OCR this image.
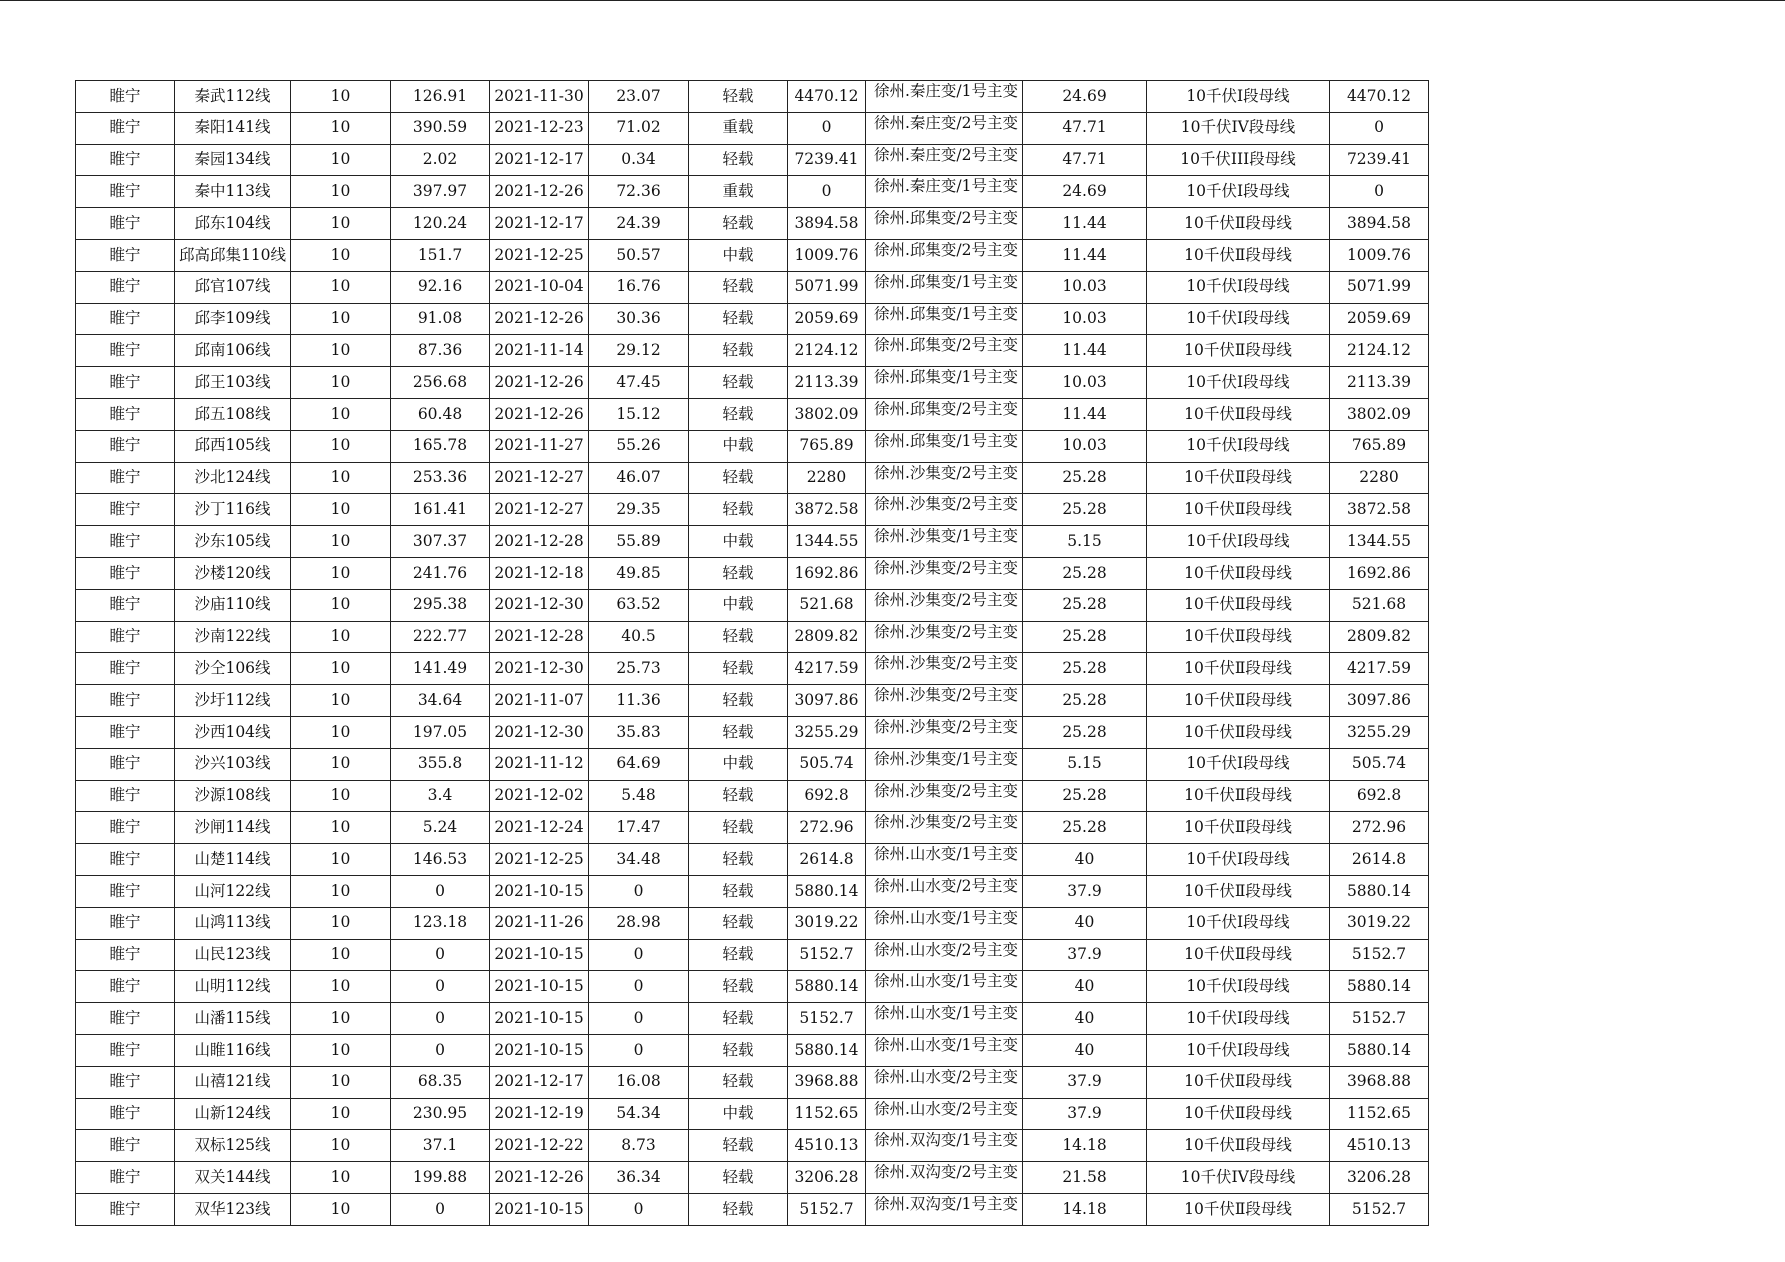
睢宁	秦武112线	10	126.91	2021-11-30	23.07	轻载	4470.12	徐州.秦庄变/1号主变	24.69	10千伏Ⅰ段母线	4470.12
睢宁	秦阳141线	10	390.59	2021-12-23	71.02	重载	0	徐州.秦庄变/2号主变	47.71	10千伏IV段母线	0
睢宁	秦园134线	10	2.02	2021-12-17	0.34	轻载	7239.41	徐州.秦庄变/2号主变	47.71	10千伏III段母线	7239.41
睢宁	秦中113线	10	397.97	2021-12-26	72.36	重载	0	徐州.秦庄变/1号主变	24.69	10千伏Ⅰ段母线	0
睢宁	邱东104线	10	120.24	2021-12-17	24.39	轻载	3894.58	徐州.邱集变/2号主变	11.44	10千伏Ⅱ段母线	3894.58
睢宁	邱高邱集110线	10	151.7	2021-12-25	50.57	中载	1009.76	徐州.邱集变/2号主变	11.44	10千伏Ⅱ段母线	1009.76
睢宁	邱官107线	10	92.16	2021-10-04	16.76	轻载	5071.99	徐州.邱集变/1号主变	10.03	10千伏Ⅰ段母线	5071.99
睢宁	邱李109线	10	91.08	2021-12-26	30.36	轻载	2059.69	徐州.邱集变/1号主变	10.03	10千伏Ⅰ段母线	2059.69
睢宁	邱南106线	10	87.36	2021-11-14	29.12	轻载	2124.12	徐州.邱集变/2号主变	11.44	10千伏Ⅱ段母线	2124.12
睢宁	邱王103线	10	256.68	2021-12-26	47.45	轻载	2113.39	徐州.邱集变/1号主变	10.03	10千伏Ⅰ段母线	2113.39
睢宁	邱五108线	10	60.48	2021-12-26	15.12	轻载	3802.09	徐州.邱集变/2号主变	11.44	10千伏Ⅱ段母线	3802.09
睢宁	邱西105线	10	165.78	2021-11-27	55.26	中载	765.89	徐州.邱集变/1号主变	10.03	10千伏Ⅰ段母线	765.89
睢宁	沙北124线	10	253.36	2021-12-27	46.07	轻载	2280	徐州.沙集变/2号主变	25.28	10千伏Ⅱ段母线	2280
睢宁	沙丁116线	10	161.41	2021-12-27	29.35	轻载	3872.58	徐州.沙集变/2号主变	25.28	10千伏Ⅱ段母线	3872.58
睢宁	沙东105线	10	307.37	2021-12-28	55.89	中载	1344.55	徐州.沙集变/1号主变	5.15	10千伏Ⅰ段母线	1344.55
睢宁	沙楼120线	10	241.76	2021-12-18	49.85	轻载	1692.86	徐州.沙集变/2号主变	25.28	10千伏Ⅱ段母线	1692.86
睢宁	沙庙110线	10	295.38	2021-12-30	63.52	中载	521.68	徐州.沙集变/2号主变	25.28	10千伏Ⅱ段母线	521.68
睢宁	沙南122线	10	222.77	2021-12-28	40.5	轻载	2809.82	徐州.沙集变/2号主变	25.28	10千伏Ⅱ段母线	2809.82
睢宁	沙仝106线	10	141.49	2021-12-30	25.73	轻载	4217.59	徐州.沙集变/2号主变	25.28	10千伏Ⅱ段母线	4217.59
睢宁	沙圩112线	10	34.64	2021-11-07	11.36	轻载	3097.86	徐州.沙集变/2号主变	25.28	10千伏Ⅱ段母线	3097.86
睢宁	沙西104线	10	197.05	2021-12-30	35.83	轻载	3255.29	徐州.沙集变/2号主变	25.28	10千伏Ⅱ段母线	3255.29
睢宁	沙兴103线	10	355.8	2021-11-12	64.69	中载	505.74	徐州.沙集变/1号主变	5.15	10千伏Ⅰ段母线	505.74
睢宁	沙源108线	10	3.4	2021-12-02	5.48	轻载	692.8	徐州.沙集变/2号主变	25.28	10千伏Ⅱ段母线	692.8
睢宁	沙闸114线	10	5.24	2021-12-24	17.47	轻载	272.96	徐州.沙集变/2号主变	25.28	10千伏Ⅱ段母线	272.96
睢宁	山楚114线	10	146.53	2021-12-25	34.48	轻载	2614.8	徐州.山水变/1号主变	40	10千伏Ⅰ段母线	2614.8
睢宁	山河122线	10	0	2021-10-15	0	轻载	5880.14	徐州.山水变/2号主变	37.9	10千伏Ⅱ段母线	5880.14
睢宁	山鸿113线	10	123.18	2021-11-26	28.98	轻载	3019.22	徐州.山水变/1号主变	40	10千伏Ⅰ段母线	3019.22
睢宁	山民123线	10	0	2021-10-15	0	轻载	5152.7	徐州.山水变/2号主变	37.9	10千伏Ⅱ段母线	5152.7
睢宁	山明112线	10	0	2021-10-15	0	轻载	5880.14	徐州.山水变/1号主变	40	10千伏Ⅰ段母线	5880.14
睢宁	山潘115线	10	0	2021-10-15	0	轻载	5152.7	徐州.山水变/1号主变	40	10千伏Ⅰ段母线	5152.7
睢宁	山睢116线	10	0	2021-10-15	0	轻载	5880.14	徐州.山水变/1号主变	40	10千伏Ⅰ段母线	5880.14
睢宁	山禧121线	10	68.35	2021-12-17	16.08	轻载	3968.88	徐州.山水变/2号主变	37.9	10千伏Ⅱ段母线	3968.88
睢宁	山新124线	10	230.95	2021-12-19	54.34	中载	1152.65	徐州.山水变/2号主变	37.9	10千伏Ⅱ段母线	1152.65
睢宁	双标125线	10	37.1	2021-12-22	8.73	轻载	4510.13	徐州.双沟变/1号主变	14.18	10千伏Ⅱ段母线	4510.13
睢宁	双关144线	10	199.88	2021-12-26	36.34	轻载	3206.28	徐州.双沟变/2号主变	21.58	10千伏IV段母线	3206.28
睢宁	双华123线	10	0	2021-10-15	0	轻载	5152.7	徐州.双沟变/1号主变	14.18	10千伏Ⅱ段母线	5152.7
